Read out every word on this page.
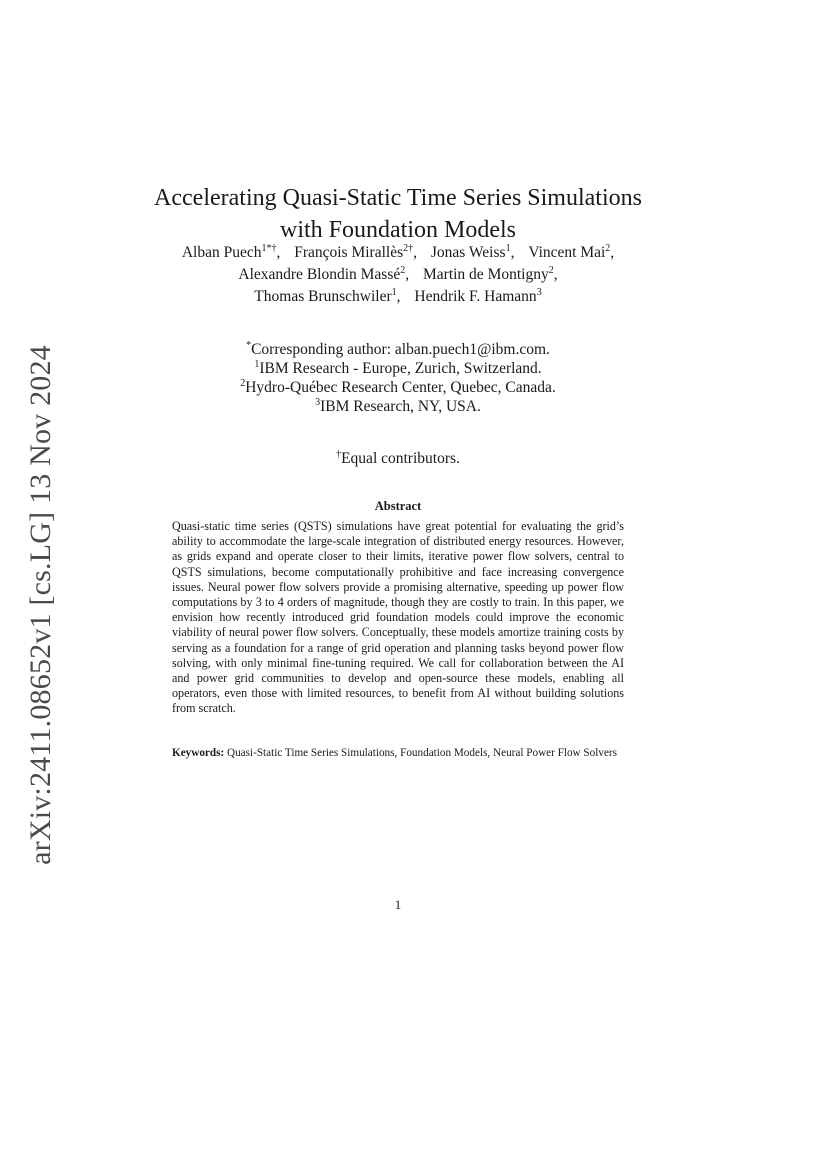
arXiv:2411.08652v1 [cs.LG] 13 Nov 2024
Accelerating Quasi-Static Time Series Simulations
with Foundation Models

Alban Puech$^{1*\dagger}$, François Mirallès$^{2\dagger}$, Jonas Weiss$^1$, Vincent Mai$^2$,
Alexandre Blondin Massé$^2$, Martin de Montigny$^2$,
Thomas Brunschwiler$^1$, Hendrik F. Hamann$^3$

*Corresponding author: alban.puech1@ibm.com.
$^1$IBM Research - Europe, Zurich, Switzerland.
$^2$Hydro-Québec Research Center, Quebec, Canada.
$^3$IBM Research, NY, USA.
†Equal contributors.
Abstract

Quasi-static time series (QSTS) simulations have great potential for evaluating the grid’s ability to accommodate the large-scale integration of distributed energy resources. However, as grids expand and operate closer to their limits, iterative power flow solvers, central to QSTS simulations, become computationally prohibitive and face increasing convergence issues. Neural power flow solvers provide a promising alternative, speeding up power flow computations by 3 to 4 orders of magnitude, though they are costly to train. In this paper, we envision how recently introduced grid foundation models could improve the economic viability of neural power flow solvers. Conceptually, these models amortize training costs by serving as a foundation for a range of grid operation and planning tasks beyond power flow solving, with only minimal fine-tuning required. We call for collaboration between the AI and power grid communities to develop and open-source these models, enabling all operators, even those with limited resources, to benefit from AI without building solutions from scratch.

Keywords: Quasi-Static Time Series Simulations, Foundation Models, Neural Power Flow Solvers

1
